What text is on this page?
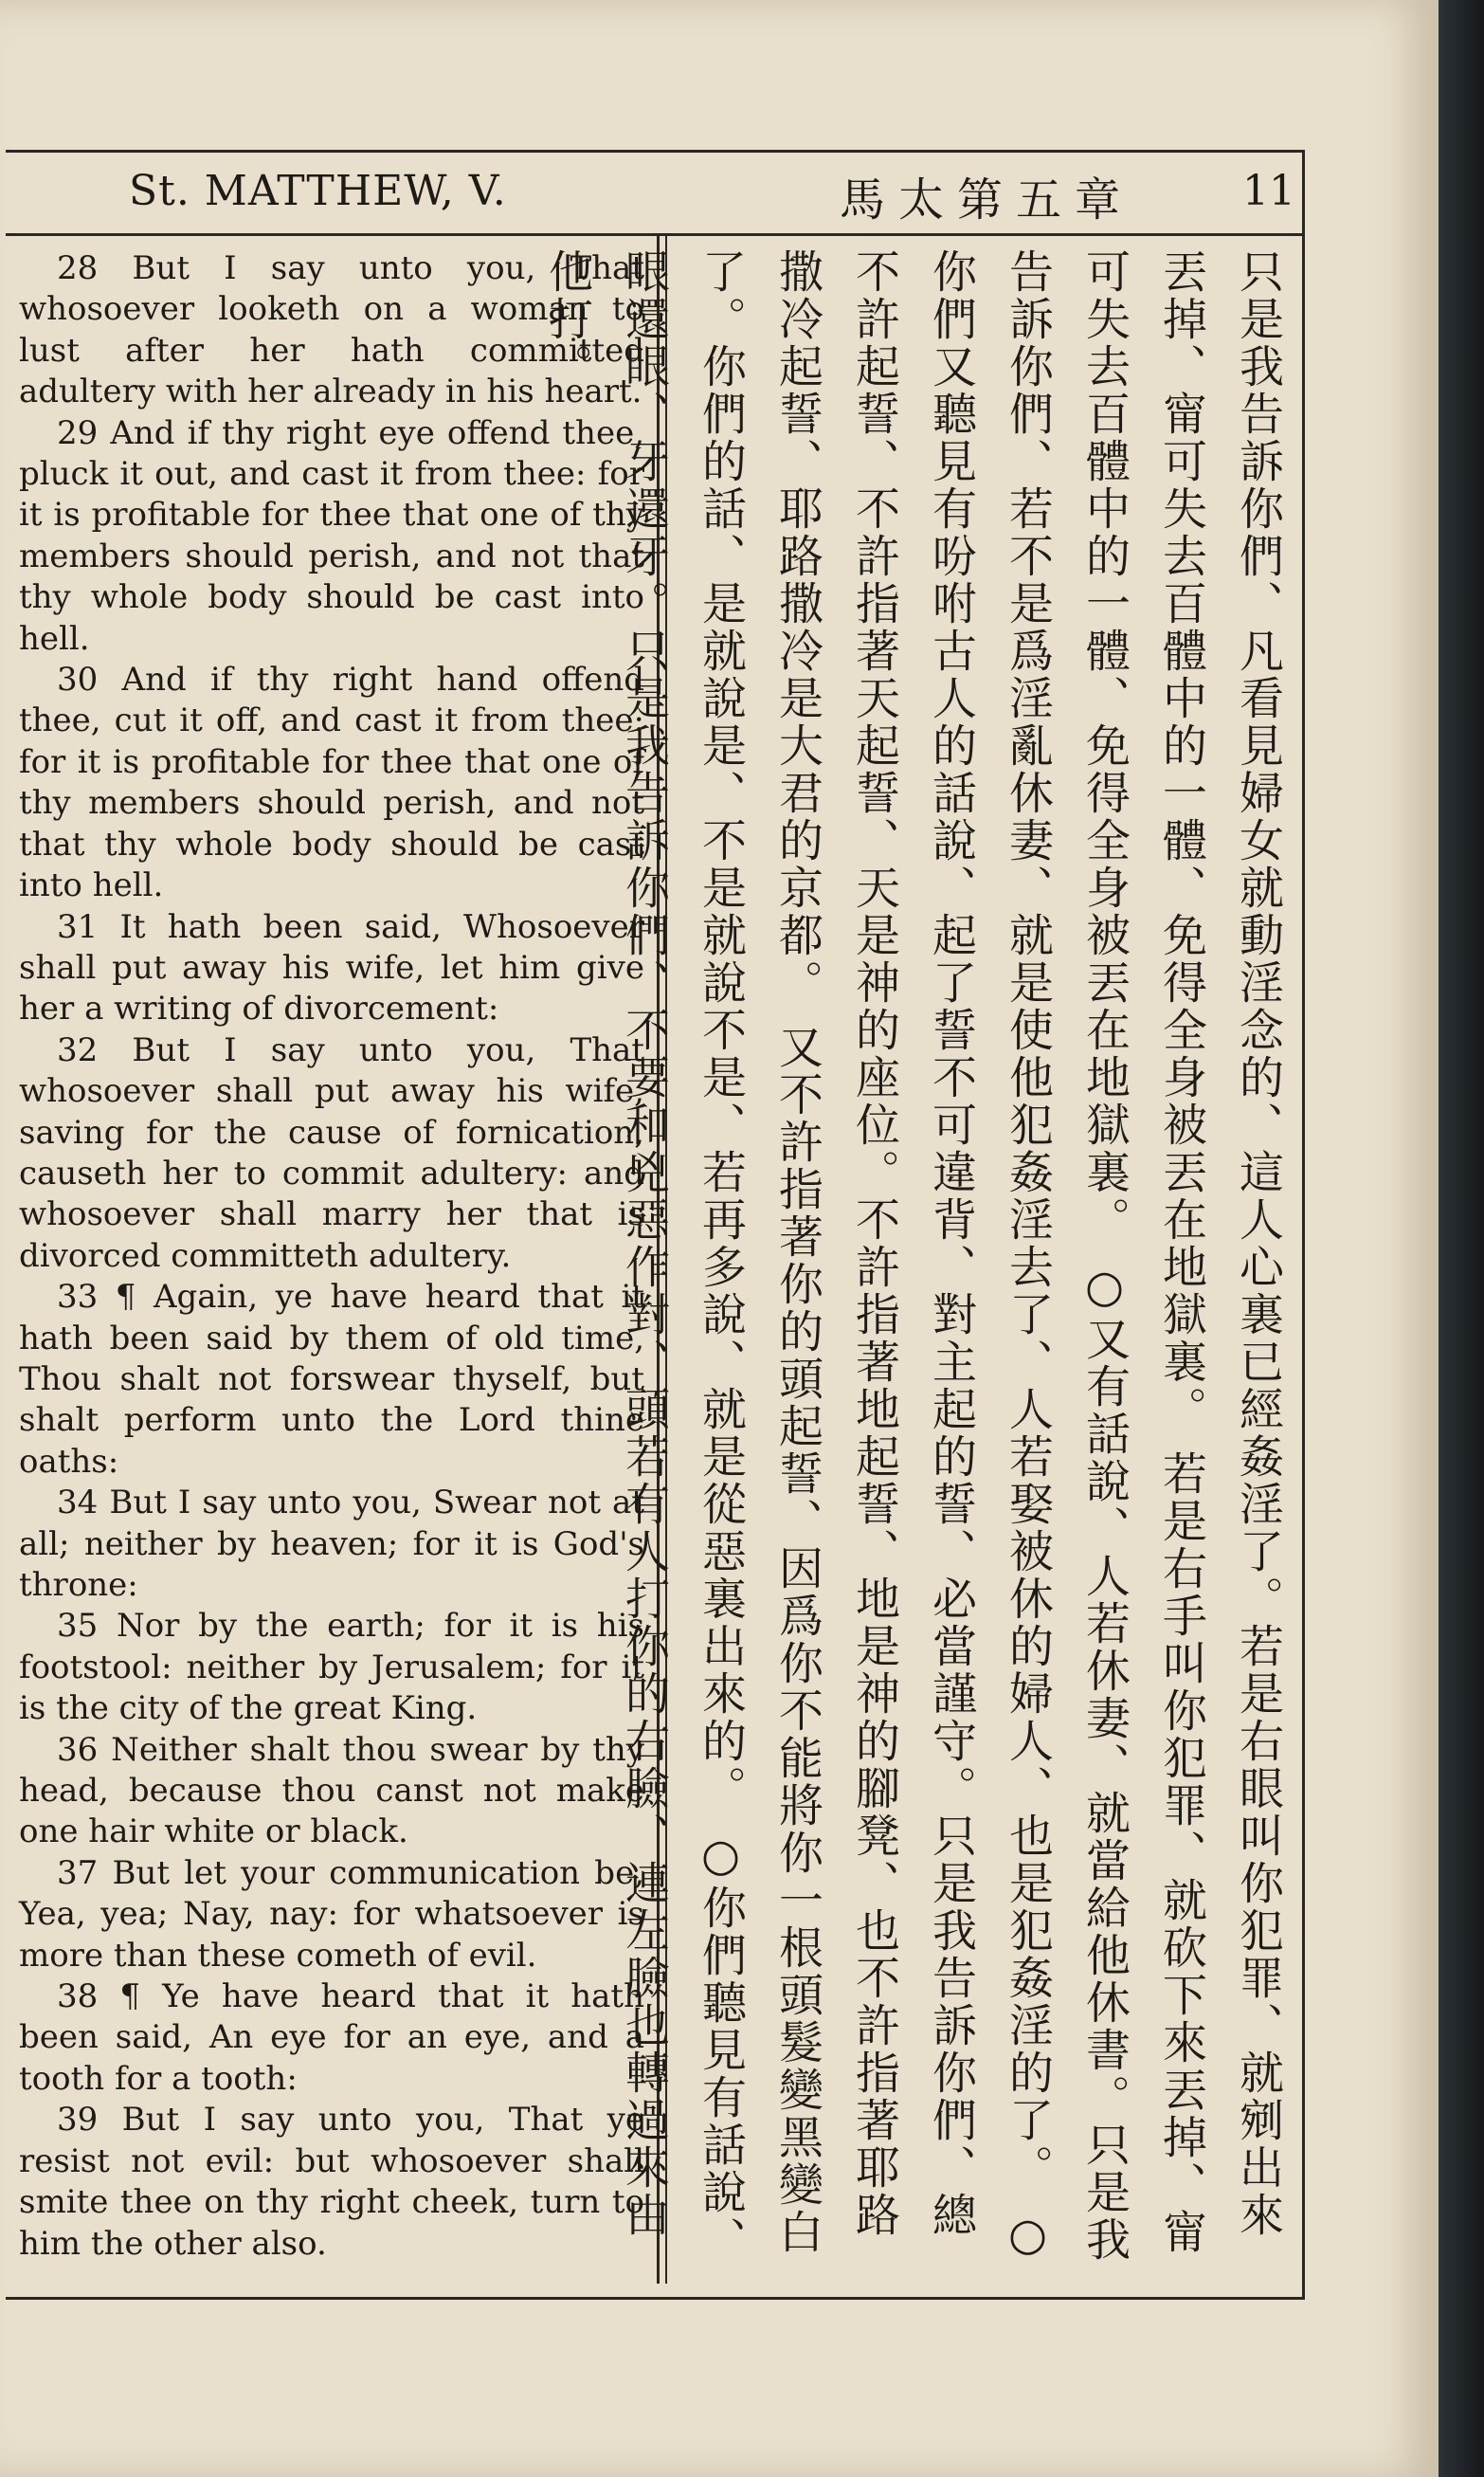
St. MATTHEW, V.	馬太第五章	11

28 But I say unto you, That whosoever looketh on a woman to lust after her hath committed adultery with her already in his heart.

29 And if thy right eye offend thee, pluck it out, and cast it from thee: for it is profitable for thee that one of thy members should perish, and not that thy whole body should be cast into hell.

30 And if thy right hand offend thee, cut it off, and cast it from thee: for it is profitable for thee that one of thy members should perish, and not that thy whole body should be cast into hell.

31 It hath been said, Whosoever shall put away his wife, let him give her a writing of divorcement:

32 But I say unto you, That whosoever shall put away his wife, saving for the cause of fornication, causeth her to commit adultery: and whosoever shall marry her that is divorced committeth adultery.

33 ¶ Again, ye have heard that it hath been said by them of old time, Thou shalt not forswear thyself, but shalt perform unto the Lord thine oaths:

34 But I say unto you, Swear not at all; neither by heaven; for it is God's throne:

35 Nor by the earth; for it is his footstool: neither by Jerusalem; for it is the city of the great King.

36 Neither shalt thou swear by thy head, because thou canst not make one hair white or black.

37 But let your communication be, Yea, yea; Nay, nay: for whatsoever is more than these cometh of evil.

38 ¶ Ye have heard that it hath been said, An eye for an eye, and a tooth for a tooth:

39 But I say unto you, That ye resist not evil: but whosoever shall smite thee on thy right cheek, turn to him the other also.

只是我告訴你們、凡看見婦女就動淫念的、這人心裏已經姦淫了。若是右眼叫你犯罪、就剜出來丟掉、甯可失去百體中的一體、免得全身被丟在地獄裏。

若是右手叫你犯罪、就砍下來丟掉、甯可失去百體中的一體、免得全身被丟在地獄裏。

○又有話說、人若休妻、就當給他休書。只是我告訴你們、若不是爲淫亂休妻、就是使他犯姦淫去了、人若娶被休的婦人、也是犯姦淫的了。

○你們又聽見有吩咐古人的話說、起了誓不可違背、對主起的誓、必當謹守。只是我告訴你們、總不許起誓、不許指著天起誓、天是神的座位。不許指著地起誓、地是神的腳凳、也不許指著耶路撒冷起誓、耶路撒冷是大君的京都。

又不許指著你的頭起誓、因爲你不能將你一根頭髮變黑變白了。你們的話、是就說是、不是就說不是、若再多說、就是從惡裏出來的。

○你們聽見有話說、眼還眼、牙還牙。只是我告訴你們、不要和兇惡作對、頭若有人打你的右臉、連左臉也轉過來由他打。
